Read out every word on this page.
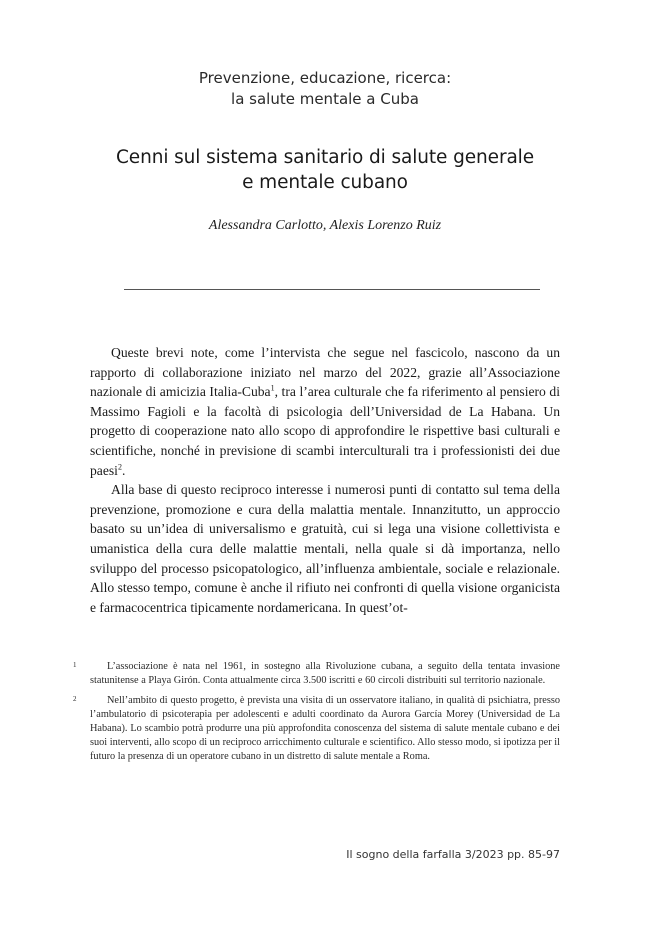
Prevenzione, educazione, ricerca:
la salute mentale a Cuba
Cenni sul sistema sanitario di salute generale
e mentale cubano
Alessandra Carlotto, Alexis Lorenzo Ruiz

Queste brevi note, come l’intervista che segue nel fascicolo, nascono da un rapporto di collaborazione iniziato nel marzo del 2022, grazie all’Associazione nazionale di amicizia Italia-Cuba$^1$, tra l’area culturale che fa riferimento al pensiero di Massimo Fagioli e la facoltà di psicologia dell’Universidad de La Habana. Un progetto di cooperazione nato allo scopo di approfondire le rispettive basi culturali e scientifiche, nonché in previsione di scambi interculturali tra i professionisti dei due paesi$^2$.

Alla base di questo reciproco interesse i numerosi punti di contatto sul tema della prevenzione, promozione e cura della malattia mentale. Innanzitutto, un approccio basato su un’idea di universalismo e gratuità, cui si lega una visione collettivista e umanistica della cura delle malattie mentali, nella quale si dà importanza, nello sviluppo del processo psicopatologico, all’influenza ambientale, sociale e relazionale. Allo stesso tempo, comune è anche il rifiuto nei confronti di quella visione organicista e farmacocentrica tipicamente nordamericana. In quest’ot-

1	L’associazione è nata nel 1961, in sostegno alla Rivoluzione cubana, a seguito della tentata invasione statunitense a Playa Girón. Conta attualmente circa 3.500 iscritti e 60 circoli distribuiti sul territorio nazionale.
2	Nell’ambito di questo progetto, è prevista una visita di un osservatore italiano, in qualità di psichiatra, presso l’ambulatorio di psicoterapia per adolescenti e adulti coordinato da Aurora García Morey (Universidad de La Habana). Lo scambio potrà produrre una più approfondita conoscenza del sistema di salute mentale cubano e dei suoi interventi, allo scopo di un reciproco arricchimento culturale e scientifico. Allo stesso modo, si ipotizza per il futuro la presenza di un operatore cubano in un distretto di salute mentale a Roma.
Il sogno della farfalla 3/2023 pp. 85-97
